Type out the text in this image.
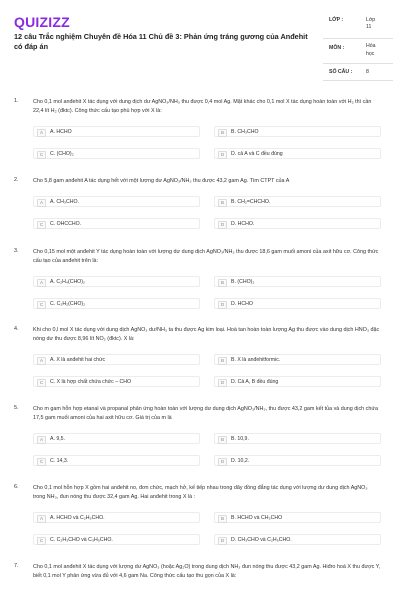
QUIZIZZ
12 câu Trắc nghiệm Chuyên đề Hóa 11 Chủ đề 3: Phản ứng tráng gương của Anđehit có đáp án
LỚP :	Lớp
11
MÔN :	Hóa
học
SỐ CÂU :	8
1.	Cho 0,1 mol anđehit X tác dụng với dung dịch dư AgNO₃/NH₃ thu được 0,4 mol Ag. Mặt khác cho 0,1 mol X tác dụng hoàn toàn với H₂ thì cần 22,4 lít H₂ (đktc). Công thức cấu tạo phù hợp với X là:
A	A. HCHO	B	B. CH₃CHO
C	C. (CHO)₂	D	D. cả A và C đều đúng
2.	Cho 5,8 gam anđehit A tác dụng hết với một lượng dư AgNO₃/NH₃ thu được 43,2 gam Ag. Tìm CTPT của A
A	A. CH₃CHO.	B	B. CH₂=CHCHO.
C	C. OHCCHO.	D	D. HCHO.
3.	Cho 0,15 mol một anđehit Y tác dụng hoàn toàn với lượng dư dung dịch AgNO₃/NH₃ thu được 18,6 gam muối amoni của axit hữu cơ. Công thức cấu tạo của anđehit trên là:
A	A. C₂H₄(CHO)₂	B	B. (CHO)₂
C	C. C₂H₂(CHO)₂	D	D. HCHO
4.	Khi cho 0,l mol X tác dụng với dung dịch AgNO₃ dư/NH₃ ta thu được Ag kim loại. Hoà tan hoàn toàn lượng Ag thu được vào dung dịch HNO₃ đặc nóng dư thu được 8,96 lít NO₂ (đktc). X là:
A	A. X là anđehit hai chức	B	B. X là anđehitformic.
C	C. X là hợp chất chứa chức – CHO	D	D. Cả A, B đều đúng
5.	Cho m gam hỗn hợp etanal và propanal phản ứng hoàn toàn với lượng dư dung dịch AgNO₃/NH₃, thu được 43,2 gam kết tủa và dung dịch chứa 17,5 gam muối amoni của hai axit hữu cơ. Giá trị của m là
A	A. 9,5.	B	B. 10,9.
C	C. 14,3.	D	D. 10,2.
6.	Cho 0,1 mol hỗn hợp X gồm hai anđehit no, đơn chức, mạch hở, kế tiếp nhau trong dãy đồng đẳng tác dụng với lượng dư dung dịch AgNO₃ trong NH₃, đun nóng thu được 32,4 gam Ag. Hai anđehit trong X là :
A	A. HCHO và C₂H₅CHO.	B	B. HCHO và CH₃CHO
C	C. C₂H₃CHO và C₃H₅CHO.	D	D. CH₃CHO và C₂H₅CHO.
7.	Cho 0,1 mol anđehit X tác dụng với lượng dư AgNO₃ (hoặc Ag₂O) trong dung dịch NH₃ đun nóng thu được 43,2 gam Ag. Hiđro hoá X thu được Y, biết 0,1 mol Y phản ứng vừa đủ với 4,6 gam Na. Công thức cấu tạo thu gọn của X là:
